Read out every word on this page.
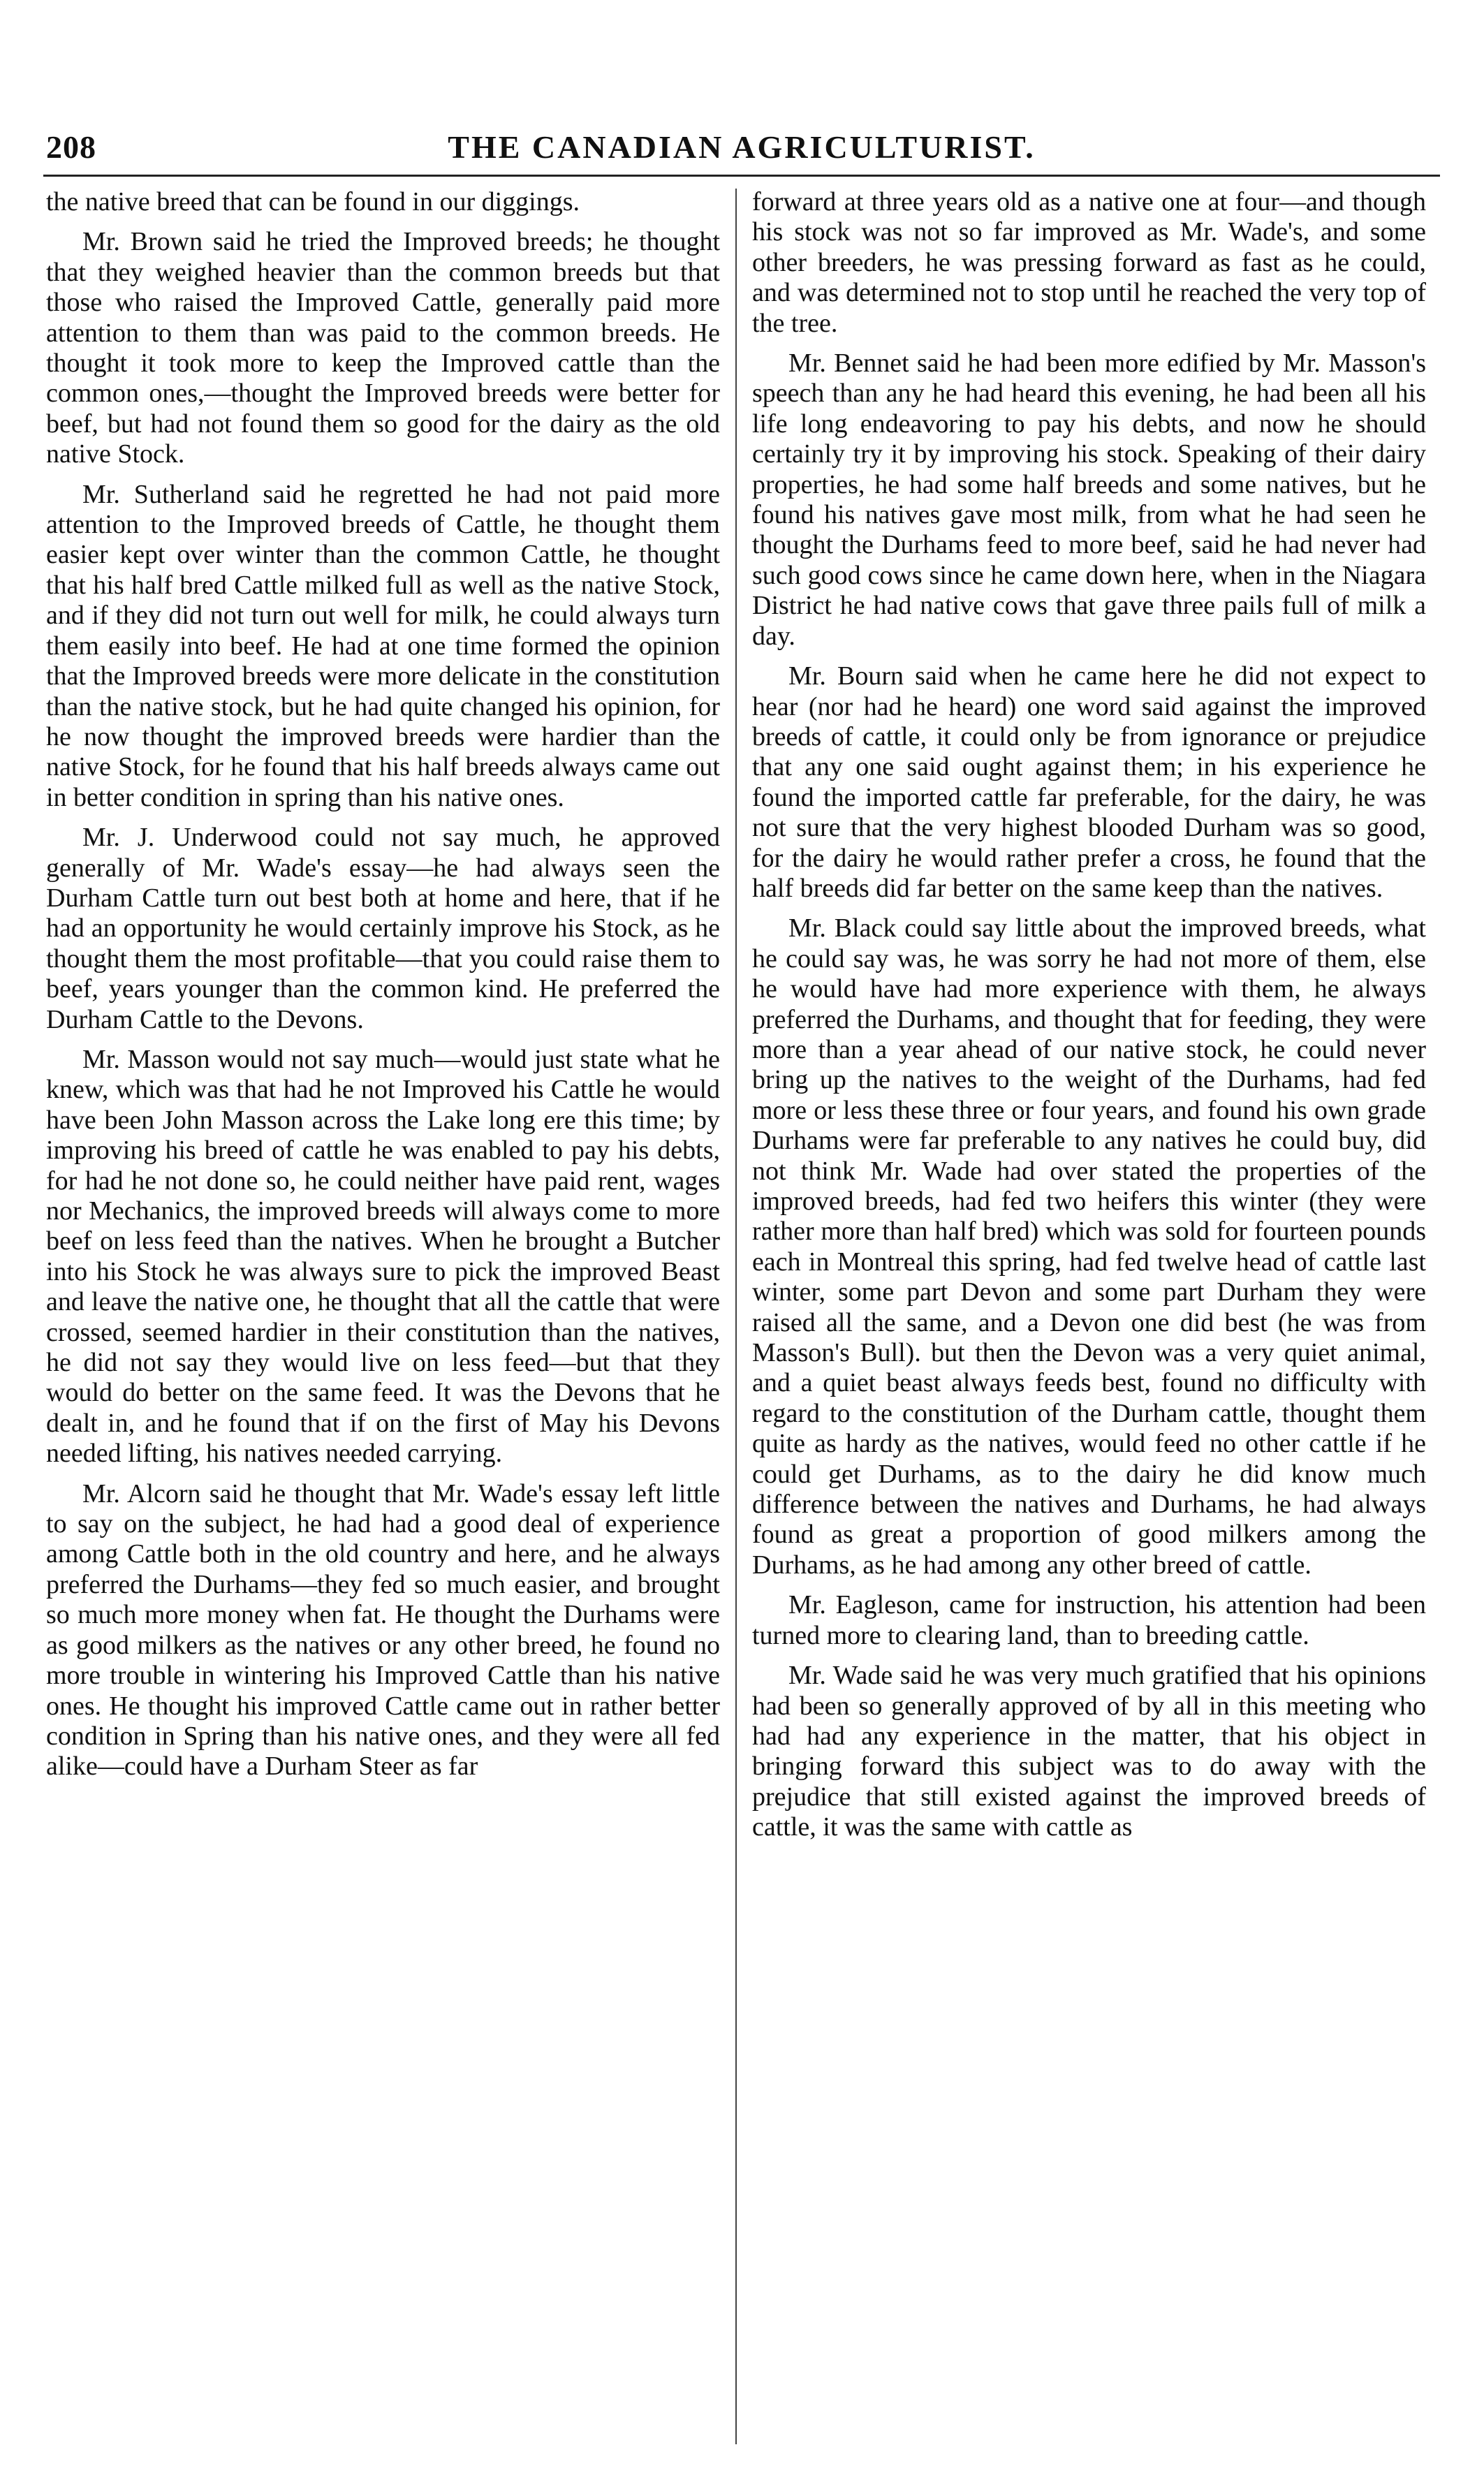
208	THE CANADIAN AGRICULTURIST.

the native breed that can be found in our diggings.

Mr. Brown said he tried the Improved breeds; he thought that they weighed heavier than the common breeds but that those who raised the Improved Cattle, generally paid more attention to them than was paid to the common breeds. He thought it took more to keep the Improved cattle than the common ones,—thought the Improved breeds were better for beef, but had not found them so good for the dairy as the old native Stock.

Mr. Sutherland said he regretted he had not paid more attention to the Improved breeds of Cattle, he thought them easier kept over winter than the common Cattle, he thought that his half bred Cattle milked full as well as the native Stock, and if they did not turn out well for milk, he could always turn them easily into beef. He had at one time formed the opinion that the Improved breeds were more delicate in the constitution than the native stock, but he had quite changed his opinion, for he now thought the improved breeds were hardier than the native Stock, for he found that his half breeds always came out in better condition in spring than his native ones.

Mr. J. Underwood could not say much, he approved generally of Mr. Wade's essay—he had always seen the Durham Cattle turn out best both at home and here, that if he had an opportunity he would certainly improve his Stock, as he thought them the most profitable—that you could raise them to beef, years younger than the common kind. He preferred the Durham Cattle to the Devons.

Mr. Masson would not say much—would just state what he knew, which was that had he not Improved his Cattle he would have been John Masson across the Lake long ere this time; by improving his breed of cattle he was enabled to pay his debts, for had he not done so, he could neither have paid rent, wages nor Mechanics, the improved breeds will always come to more beef on less feed than the natives. When he brought a Butcher into his Stock he was always sure to pick the improved Beast and leave the native one, he thought that all the cattle that were crossed, seemed hardier in their constitution than the natives, he did not say they would live on less feed—but that they would do better on the same feed. It was the Devons that he dealt in, and he found that if on the first of May his Devons needed lifting, his natives needed carrying.

Mr. Alcorn said he thought that Mr. Wade's essay left little to say on the subject, he had had a good deal of experience among Cattle both in the old country and here, and he always preferred the Durhams—they fed so much easier, and brought so much more money when fat. He thought the Durhams were as good milkers as the natives or any other breed, he found no more trouble in wintering his Improved Cattle than his native ones. He thought his improved Cattle came out in rather better condition in Spring than his native ones, and they were all fed alike—could have a Durham Steer as far

forward at three years old as a native one at four—and though his stock was not so far improved as Mr. Wade's, and some other breeders, he was pressing forward as fast as he could, and was determined not to stop until he reached the very top of the tree.

Mr. Bennet said he had been more edified by Mr. Masson's speech than any he had heard this evening, he had been all his life long endeavoring to pay his debts, and now he should certainly try it by improving his stock. Speaking of their dairy properties, he had some half breeds and some natives, but he found his natives gave most milk, from what he had seen he thought the Durhams feed to more beef, said he had never had such good cows since he came down here, when in the Niagara District he had native cows that gave three pails full of milk a day.

Mr. Bourn said when he came here he did not expect to hear (nor had he heard) one word said against the improved breeds of cattle, it could only be from ignorance or prejudice that any one said ought against them; in his experience he found the imported cattle far preferable, for the dairy, he was not sure that the very highest blooded Durham was so good, for the dairy he would rather prefer a cross, he found that the half breeds did far better on the same keep than the natives.

Mr. Black could say little about the improved breeds, what he could say was, he was sorry he had not more of them, else he would have had more experience with them, he always preferred the Durhams, and thought that for feeding, they were more than a year ahead of our native stock, he could never bring up the natives to the weight of the Durhams, had fed more or less these three or four years, and found his own grade Durhams were far preferable to any natives he could buy, did not think Mr. Wade had over stated the properties of the improved breeds, had fed two heifers this winter (they were rather more than half bred) which was sold for fourteen pounds each in Montreal this spring, had fed twelve head of cattle last winter, some part Devon and some part Durham they were raised all the same, and a Devon one did best (he was from Masson's Bull). but then the Devon was a very quiet animal, and a quiet beast always feeds best, found no difficulty with regard to the constitution of the Durham cattle, thought them quite as hardy as the natives, would feed no other cattle if he could get Durhams, as to the dairy he did know much difference between the natives and Durhams, he had always found as great a proportion of good milkers among the Durhams, as he had among any other breed of cattle.

Mr. Eagleson, came for instruction, his attention had been turned more to clearing land, than to breeding cattle.

Mr. Wade said he was very much gratified that his opinions had been so generally approved of by all in this meeting who had had any experience in the matter, that his object in bringing forward this subject was to do away with the prejudice that still existed against the improved breeds of cattle, it was the same with cattle as
